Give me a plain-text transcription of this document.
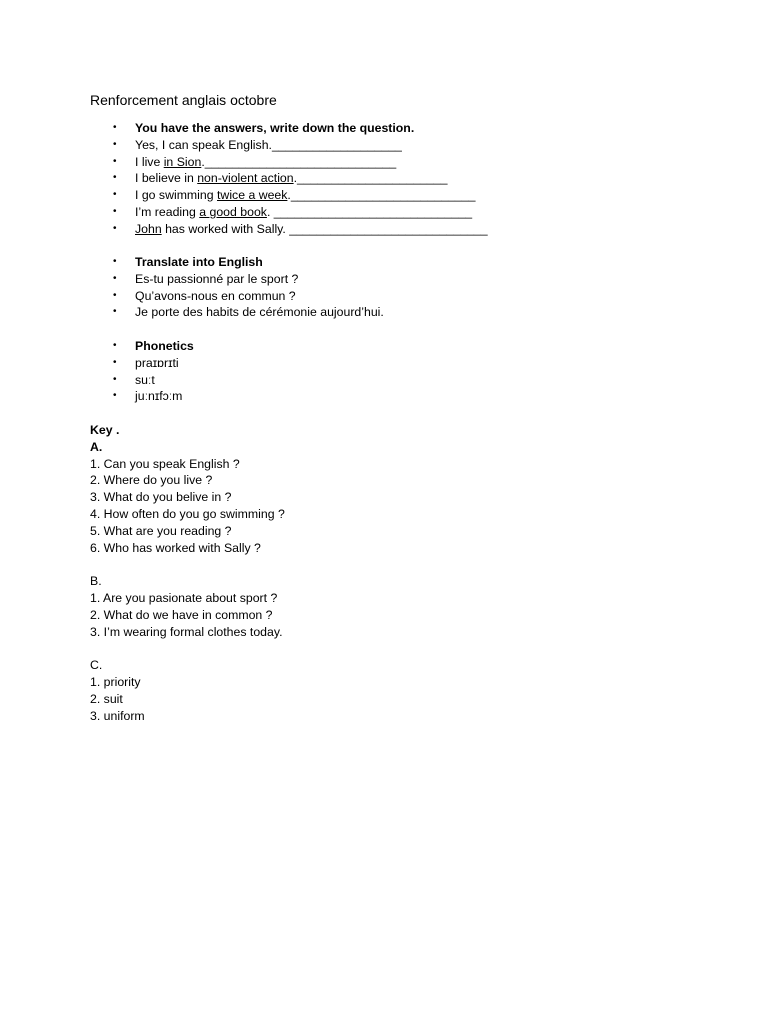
Renforcement anglais octobre
• You have the answers, write down the question.
• Yes, I can speak English.___________________
• I live in Sion.____________________________
• I believe in non-violent action.______________________
• I go swimming twice a week.___________________________
• I’m reading a good book. _____________________________
• John has worked with Sally. _____________________________
• Translate into English
• Es-tu passionné par le sport ?
• Qu’avons-nous en commun ?
• Je porte des habits de cérémonie aujourd’hui.
• Phonetics
• praɪɒrɪti
• suːt
• juːnɪfɔːm
Key .
A.
1. Can you speak English ?
2. Where do you live ?
3. What do you belive in ?
4. How often do you go swimming ?
5. What are you reading ?
6. Who has worked with Sally ?
B.
1. Are you pasionate about sport ?
2. What do we have in common ?
3. I’m wearing formal clothes today.
C.
1. priority
2. suit
3. uniform
